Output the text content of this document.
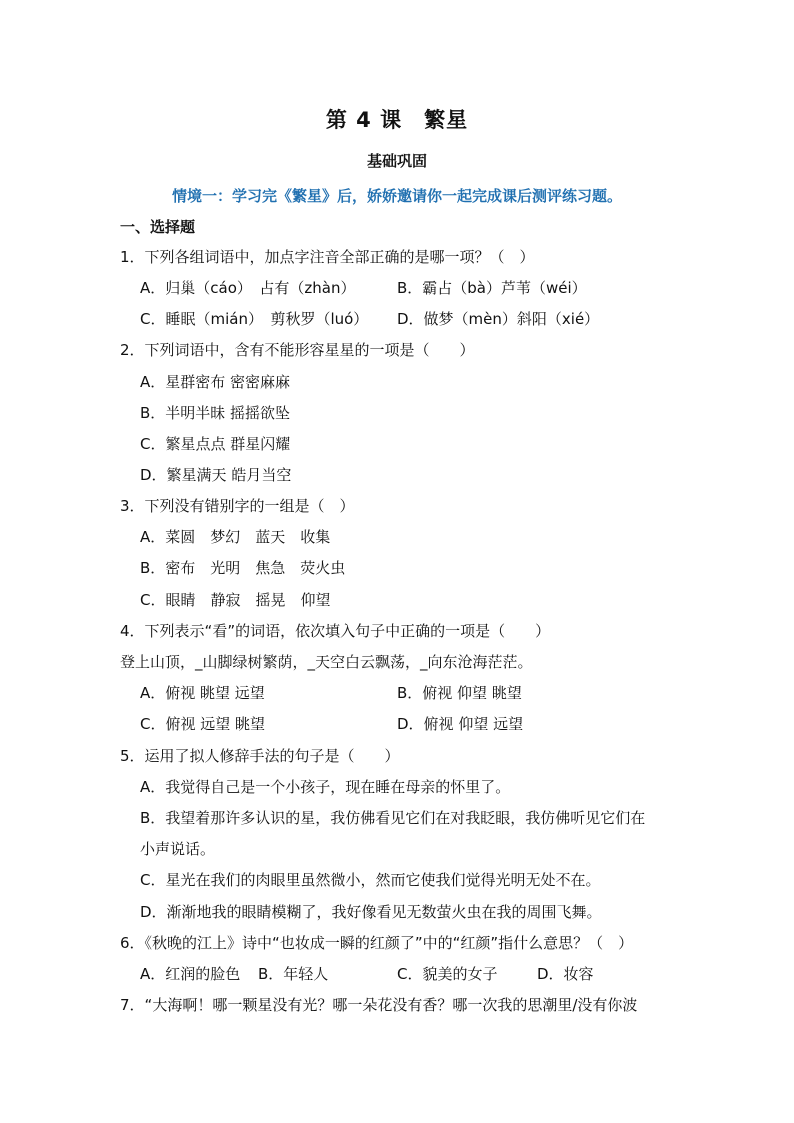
第 4 课　繁星
基础巩固
情境一：学习完《繁星》后，娇娇邀请你一起完成课后测评练习题。
一、选择题
1．下列各组词语中，加点字注音全部正确的是哪一项？（　）
A．归巢（cáo）　占有（zhàn）	B．霸占（bà）芦苇（wéi）
C．睡眠（mián）　剪秋罗（luó） D．做梦（mèn）斜阳（xié）
2．下列词语中，含有不能形容星星的一项是（　　）
A．星群密布 密密麻麻
B．半明半昧 摇摇欲坠
C．繁星点点 群星闪耀
D．繁星满天 皓月当空
3．下列没有错别字的一组是（　）
A．菜圆　梦幻　蓝天　收集
B．密布　光明　焦急　荧火虫
C．眼睛　静寂　摇晃　仰望
4．下列表示“看”的词语，依次填入句子中正确的一项是（　　）
登上山顶，_山脚绿树繁荫，_天空白云飘荡，_向东沧海茫茫。
A．俯视 眺望 远望	B．俯视 仰望 眺望
C．俯视 远望 眺望	D．俯视 仰望 远望
5．运用了拟人修辞手法的句子是（　　）
A．我觉得自己是一个小孩子，现在睡在母亲的怀里了。
B．我望着那许多认识的星，我仿佛看见它们在对我眨眼，我仿佛听见它们在
小声说话。
C．星光在我们的肉眼里虽然微小，然而它使我们觉得光明无处不在。
D．渐渐地我的眼睛模糊了，我好像看见无数萤火虫在我的周围飞舞。
6．《秋晚的江上》诗中“也妆成一瞬的红颜了”中的“红颜”指什么意思？（　）
A．红润的脸色 B．年轻人	C．貌美的女子	D．妆容
7．“大海啊！哪一颗星没有光？哪一朵花没有香？哪一次我的思潮里/没有你波
